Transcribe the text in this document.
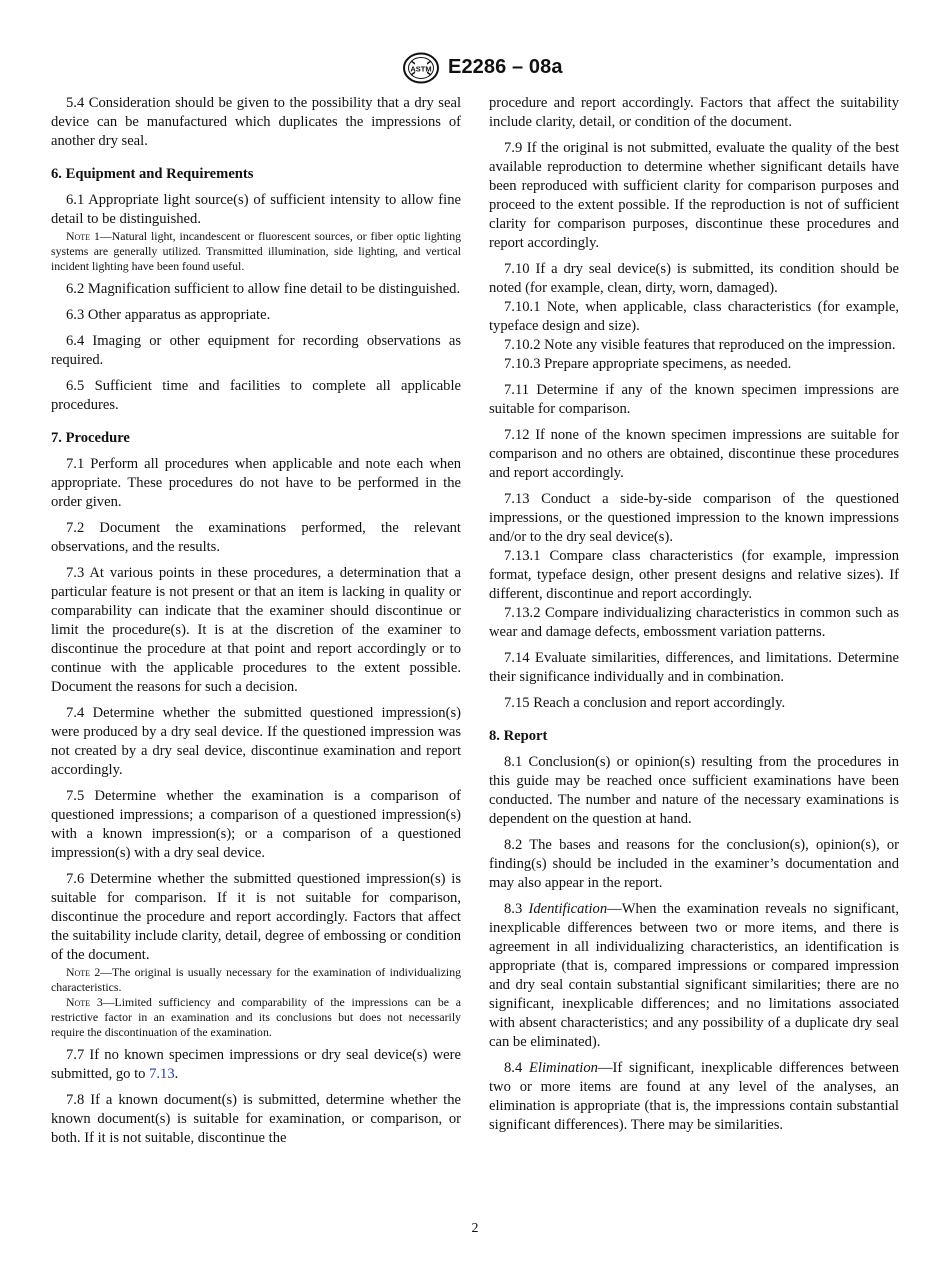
ASTM E2286 – 08a

5.4 Consideration should be given to the possibility that a dry seal device can be manufactured which duplicates the impressions of another dry seal.

6. Equipment and Requirements

6.1 Appropriate light source(s) of sufficient intensity to allow fine detail to be distinguished.

Note 1—Natural light, incandescent or fluorescent sources, or fiber optic lighting systems are generally utilized. Transmitted illumination, side lighting, and vertical incident lighting have been found useful.

6.2 Magnification sufficient to allow fine detail to be distinguished.

6.3 Other apparatus as appropriate.

6.4 Imaging or other equipment for recording observations as required.

6.5 Sufficient time and facilities to complete all applicable procedures.

7. Procedure

7.1 Perform all procedures when applicable and note each when appropriate. These procedures do not have to be performed in the order given.

7.2 Document the examinations performed, the relevant observations, and the results.

7.3 At various points in these procedures, a determination that a particular feature is not present or that an item is lacking in quality or comparability can indicate that the examiner should discontinue or limit the procedure(s). It is at the discretion of the examiner to discontinue the procedure at that point and report accordingly or to continue with the applicable procedures to the extent possible. Document the reasons for such a decision.

7.4 Determine whether the submitted questioned impression(s) were produced by a dry seal device. If the questioned impression was not created by a dry seal device, discontinue examination and report accordingly.

7.5 Determine whether the examination is a comparison of questioned impressions; a comparison of a questioned impression(s) with a known impression(s); or a comparison of a questioned impression(s) with a dry seal device.

7.6 Determine whether the submitted questioned impression(s) is suitable for comparison. If it is not suitable for comparison, discontinue the procedure and report accordingly. Factors that affect the suitability include clarity, detail, degree of embossing or condition of the document.

Note 2—The original is usually necessary for the examination of individualizing characteristics.

Note 3—Limited sufficiency and comparability of the impressions can be a restrictive factor in an examination and its conclusions but does not necessarily require the discontinuation of the examination.

7.7 If no known specimen impressions or dry seal device(s) were submitted, go to 7.13.

7.8 If a known document(s) is submitted, determine whether the known document(s) is suitable for examination, or comparison, or both. If it is not suitable, discontinue the

procedure and report accordingly. Factors that affect the suitability include clarity, detail, or condition of the document.

7.9 If the original is not submitted, evaluate the quality of the best available reproduction to determine whether significant details have been reproduced with sufficient clarity for comparison purposes and proceed to the extent possible. If the reproduction is not of sufficient clarity for comparison purposes, discontinue these procedures and report accordingly.

7.10 If a dry seal device(s) is submitted, its condition should be noted (for example, clean, dirty, worn, damaged).

7.10.1 Note, when applicable, class characteristics (for example, typeface design and size).

7.10.2 Note any visible features that reproduced on the impression.

7.10.3 Prepare appropriate specimens, as needed.

7.11 Determine if any of the known specimen impressions are suitable for comparison.

7.12 If none of the known specimen impressions are suitable for comparison and no others are obtained, discontinue these procedures and report accordingly.

7.13 Conduct a side-by-side comparison of the questioned impressions, or the questioned impression to the known impressions and/or to the dry seal device(s).

7.13.1 Compare class characteristics (for example, impression format, typeface design, other present designs and relative sizes). If different, discontinue and report accordingly.

7.13.2 Compare individualizing characteristics in common such as wear and damage defects, embossment variation patterns.

7.14 Evaluate similarities, differences, and limitations. Determine their significance individually and in combination.

7.15 Reach a conclusion and report accordingly.

8. Report

8.1 Conclusion(s) or opinion(s) resulting from the procedures in this guide may be reached once sufficient examinations have been conducted. The number and nature of the necessary examinations is dependent on the question at hand.

8.2 The bases and reasons for the conclusion(s), opinion(s), or finding(s) should be included in the examiner’s documentation and may also appear in the report.

8.3 Identification—When the examination reveals no significant, inexplicable differences between two or more items, and there is agreement in all individualizing characteristics, an identification is appropriate (that is, compared impressions or compared impression and dry seal contain substantial significant similarities; there are no significant, inexplicable differences; and no limitations associated with absent characteristics; and any possibility of a duplicate dry seal can be eliminated).

8.4 Elimination—If significant, inexplicable differences between two or more items are found at any level of the analyses, an elimination is appropriate (that is, the impressions contain substantial significant differences). There may be similarities.

2
